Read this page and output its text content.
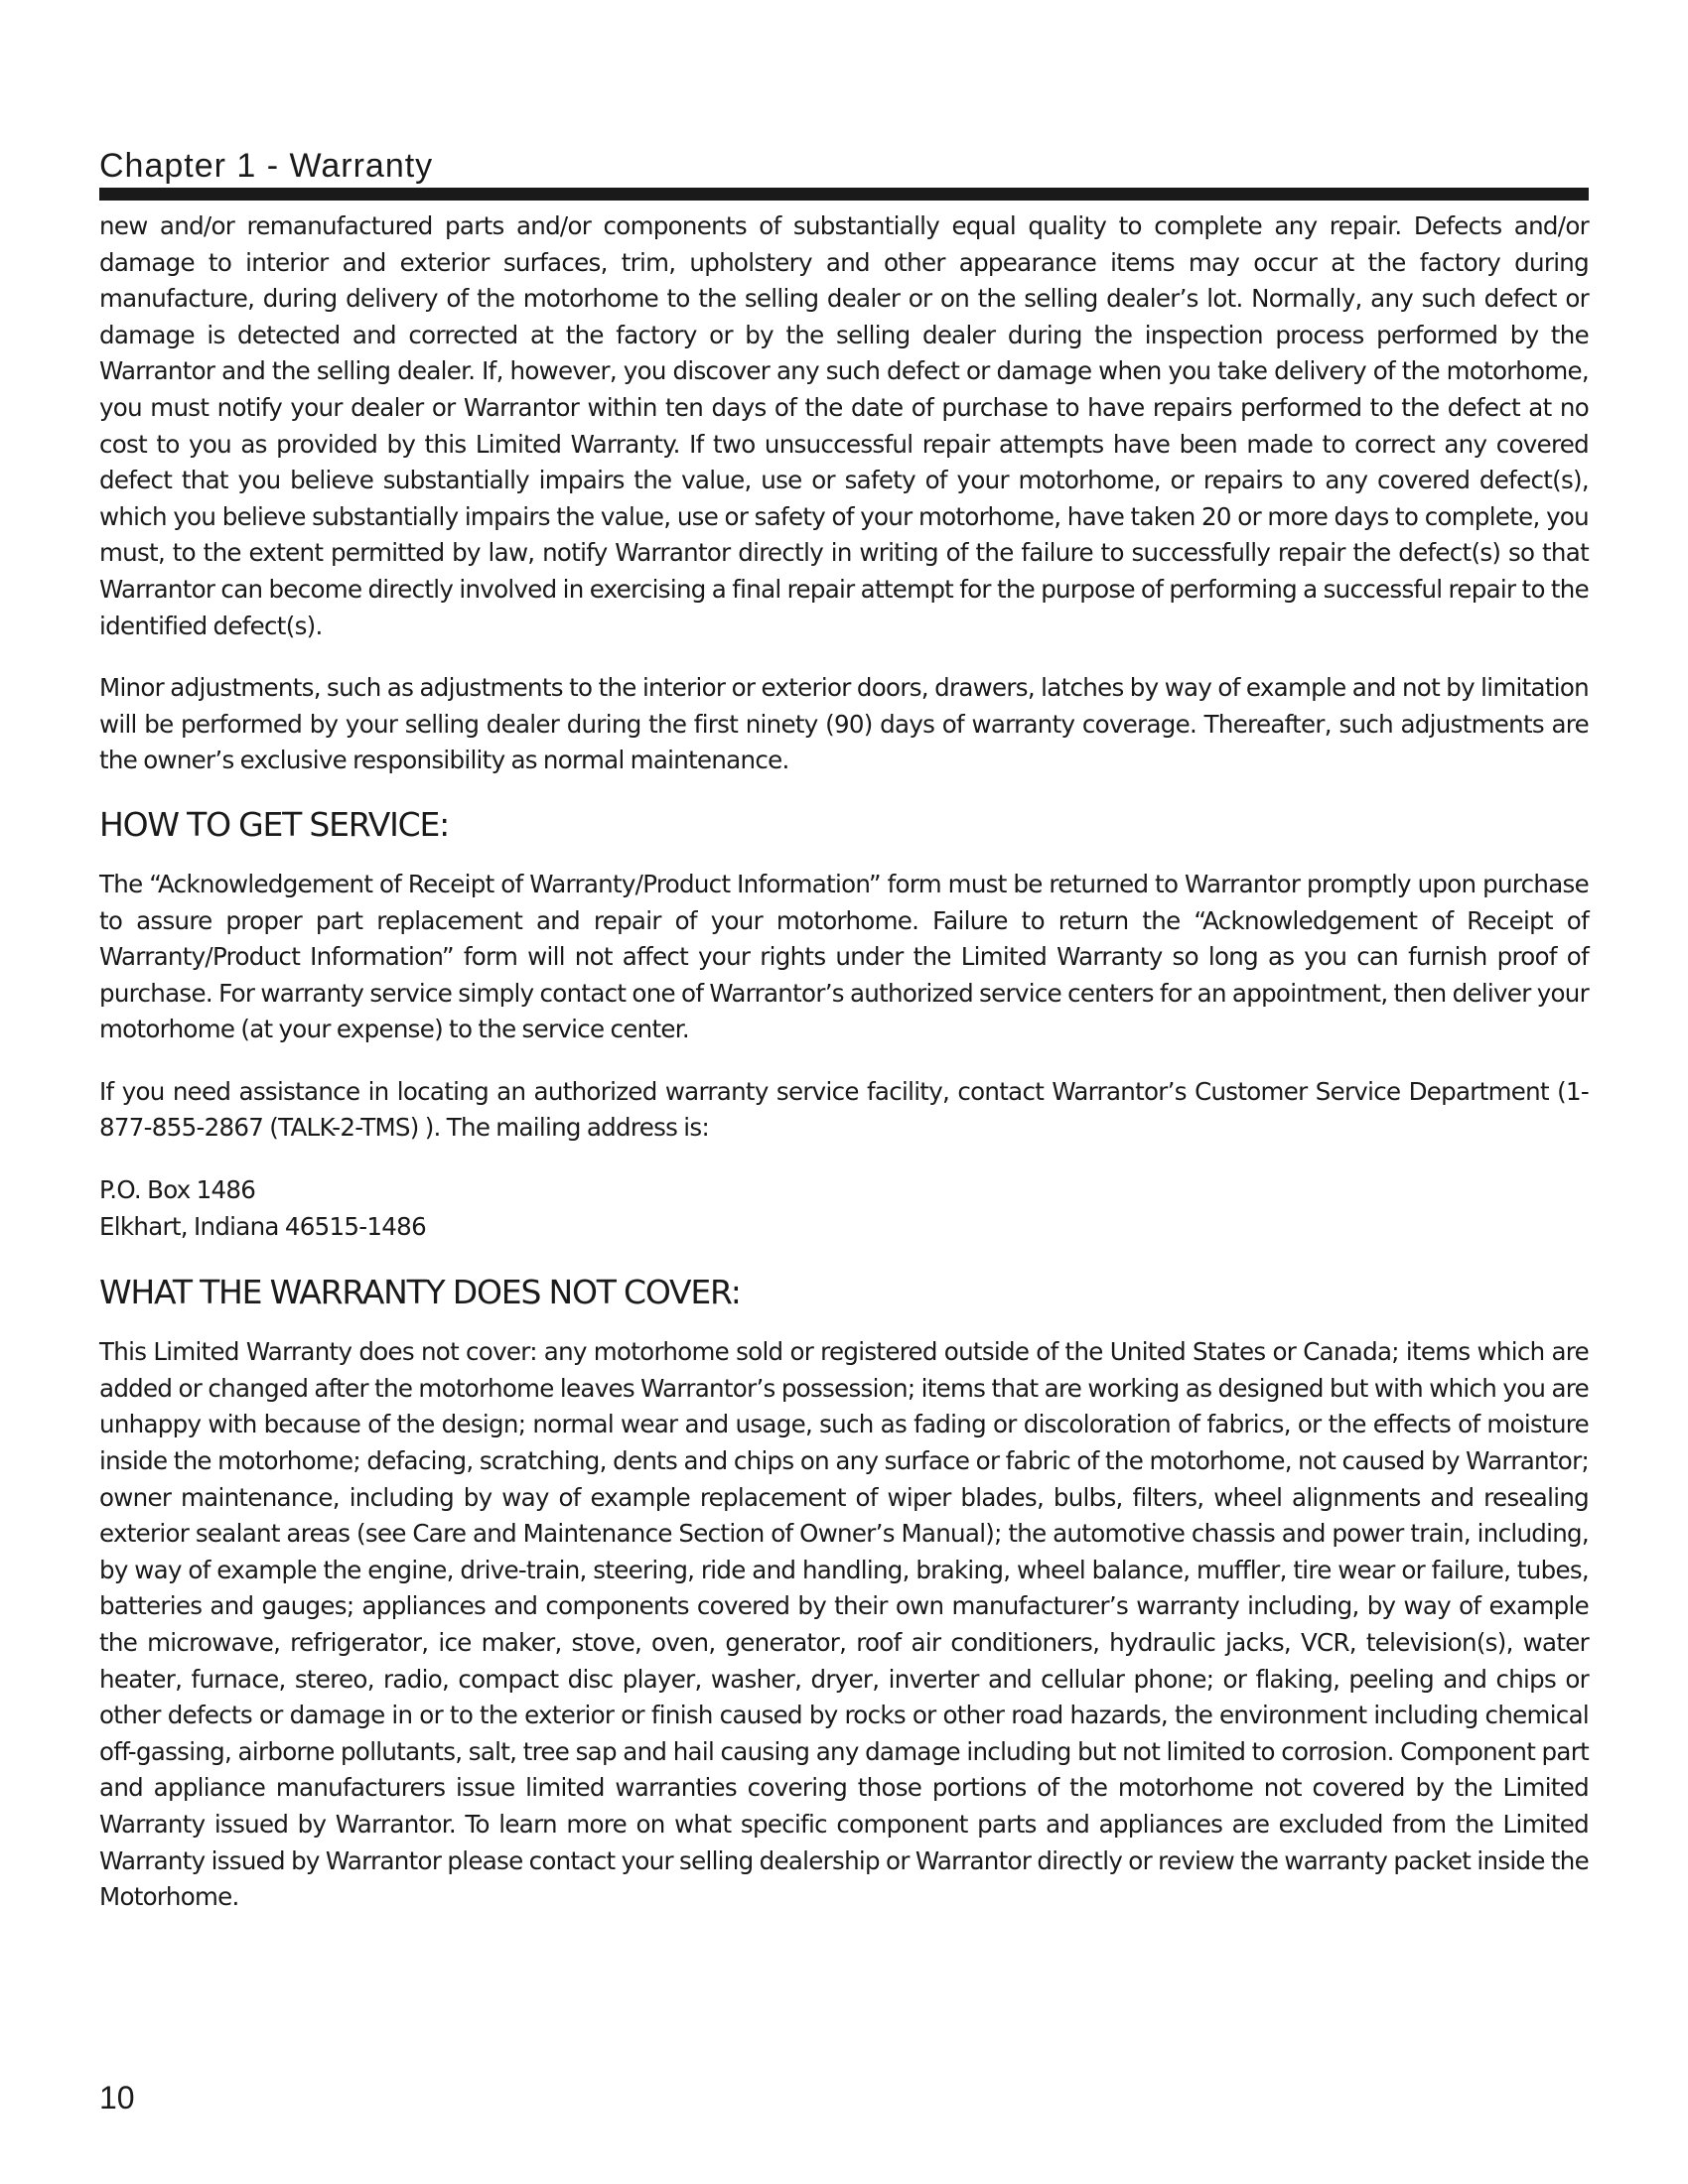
Chapter 1 - Warranty

new and/or remanufactured parts and/or components of substantially equal quality to complete any repair. Defects and/or damage to interior and exterior surfaces, trim, upholstery and other appearance items may occur at the factory during manufacture, during delivery of the motorhome to the selling dealer or on the selling dealer’s lot. Normally, any such defect or damage is detected and corrected at the factory or by the selling dealer during the inspection process performed by the Warrantor and the selling dealer. If, however, you discover any such defect or damage when you take delivery of the motorhome, you must notify your dealer or Warrantor within ten days of the date of purchase to have repairs performed to the defect at no cost to you as provided by this Limited Warranty. If two unsuccessful repair attempts have been made to correct any covered defect that you believe substantially impairs the value, use or safety of your motorhome, or repairs to any covered defect(s), which you believe substantially impairs the value, use or safety of your motorhome, have taken 20 or more days to complete, you must, to the extent permitted by law, notify Warrantor directly in writing of the failure to successfully repair the defect(s) so that Warrantor can become directly involved in exercising a final repair attempt for the purpose of performing a successful repair to the identified defect(s).

Minor adjustments, such as adjustments to the interior or exterior doors, drawers, latches by way of example and not by limitation will be performed by your selling dealer during the first ninety (90) days of warranty coverage. Thereafter, such adjustments are the owner’s exclusive responsibility as normal maintenance.

HOW TO GET SERVICE:

The “Acknowledgement of Receipt of Warranty/Product Information” form must be returned to Warrantor promptly upon purchase to assure proper part replacement and repair of your motorhome. Failure to return the “Acknowledgement of Receipt of Warranty/Product Information” form will not affect your rights under the Limited Warranty so long as you can furnish proof of purchase. For warranty service simply contact one of Warrantor’s authorized service centers for an appointment, then deliver your motorhome (at your expense) to the service center.

If you need assistance in locating an authorized warranty service facility, contact Warrantor’s Customer Service Department (1-877-855-2867 (TALK-2-TMS) ). The mailing address is:

P.O. Box 1486
Elkhart, Indiana 46515-1486
WHAT THE WARRANTY DOES NOT COVER:

This Limited Warranty does not cover: any motorhome sold or registered outside of the United States or Canada; items which are added or changed after the motorhome leaves Warrantor’s possession; items that are working as designed but with which you are unhappy with because of the design; normal wear and usage, such as fading or discoloration of fabrics, or the effects of moisture inside the motorhome; defacing, scratching, dents and chips on any surface or fabric of the motorhome, not caused by Warrantor; owner maintenance, including by way of example replacement of wiper blades, bulbs, filters, wheel alignments and resealing exterior sealant areas (see Care and Maintenance Section of Owner’s Manual); the automotive chassis and power train, including, by way of example the engine, drive-train, steering, ride and handling, braking, wheel balance, muffler, tire wear or failure, tubes, batteries and gauges; appliances and components covered by their own manufacturer’s warranty including, by way of example the microwave, refrigerator, ice maker, stove, oven, generator, roof air conditioners, hydraulic jacks, VCR, television(s), water heater, furnace, stereo, radio, compact disc player, washer, dryer, inverter and cellular phone; or flaking, peeling and chips or other defects or damage in or to the exterior or finish caused by rocks or other road hazards, the environment including chemical off-gassing, airborne pollutants, salt, tree sap and hail causing any damage including but not limited to corrosion. Component part and appliance manufacturers issue limited warranties covering those portions of the motorhome not covered by the Limited Warranty issued by Warrantor. To learn more on what specific component parts and appliances are excluded from the Limited Warranty issued by Warrantor please contact your selling dealership or Warrantor directly or review the warranty packet inside the Motorhome.

10
